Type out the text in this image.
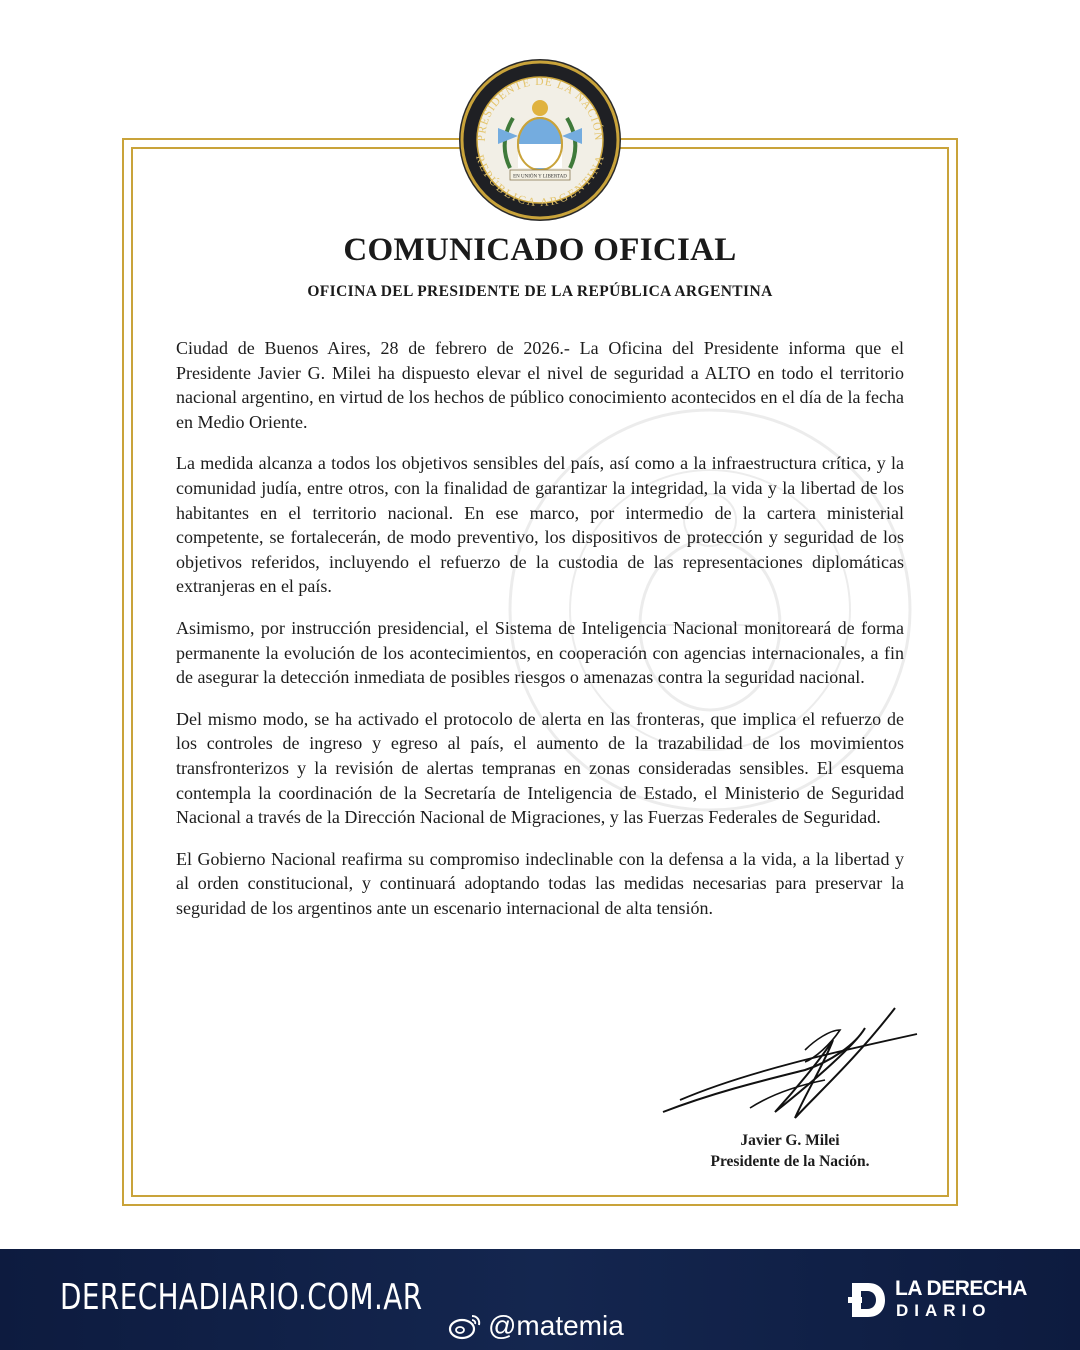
PRESIDENTE DE LA NACIÓN
REPÚBLICA ARGENTINA
EN UNIÓN Y LIBERTAD
COMUNICADO OFICIAL
OFICINA DEL PRESIDENTE DE LA REPÚBLICA ARGENTINA

Ciudad de Buenos Aires, 28 de febrero de 2026.- La Oficina del Presidente informa que el Presidente Javier G. Milei ha dispuesto elevar el nivel de seguridad a ALTO en todo el territorio nacional argentino, en virtud de los hechos de público conocimiento acontecidos en el día de la fecha en Medio Oriente.

La medida alcanza a todos los objetivos sensibles del país, así como a la infraestructura crítica, y la comunidad judía, entre otros, con la finalidad de garantizar la integridad, la vida y la libertad de los habitantes en el territorio nacional. En ese marco, por intermedio de la cartera ministerial competente, se fortalecerán, de modo preventivo, los dispositivos de protección y seguridad de los objetivos referidos, incluyendo el refuerzo de la custodia de las representaciones diplomáticas extranjeras en el país.

Asimismo, por instrucción presidencial, el Sistema de Inteligencia Nacional monitoreará de forma permanente la evolución de los acontecimientos, en cooperación con agencias internacionales, a fin de asegurar la detección inmediata de posibles riesgos o amenazas contra la seguridad nacional.

Del mismo modo, se ha activado el protocolo de alerta en las fronteras, que implica el refuerzo de los controles de ingreso y egreso al país, el aumento de la trazabilidad de los movimientos transfronterizos y la revisión de alertas tempranas en zonas consideradas sensibles. El esquema contempla la coordinación de la Secretaría de Inteligencia de Estado, el Ministerio de Seguridad Nacional a través de la Dirección Nacional de Migraciones, y las Fuerzas Federales de Seguridad.

El Gobierno Nacional reafirma su compromiso indeclinable con la defensa a la vida, a la libertad y al orden constitucional, y continuará adoptando todas las medidas necesarias para preservar la seguridad de los argentinos ante un escenario internacional de alta tensión.

Javier G. Milei
Presidente de la Nación.
DERECHADIARIO.COM.AR	LA DERECHA
DIARIO
@matemia
